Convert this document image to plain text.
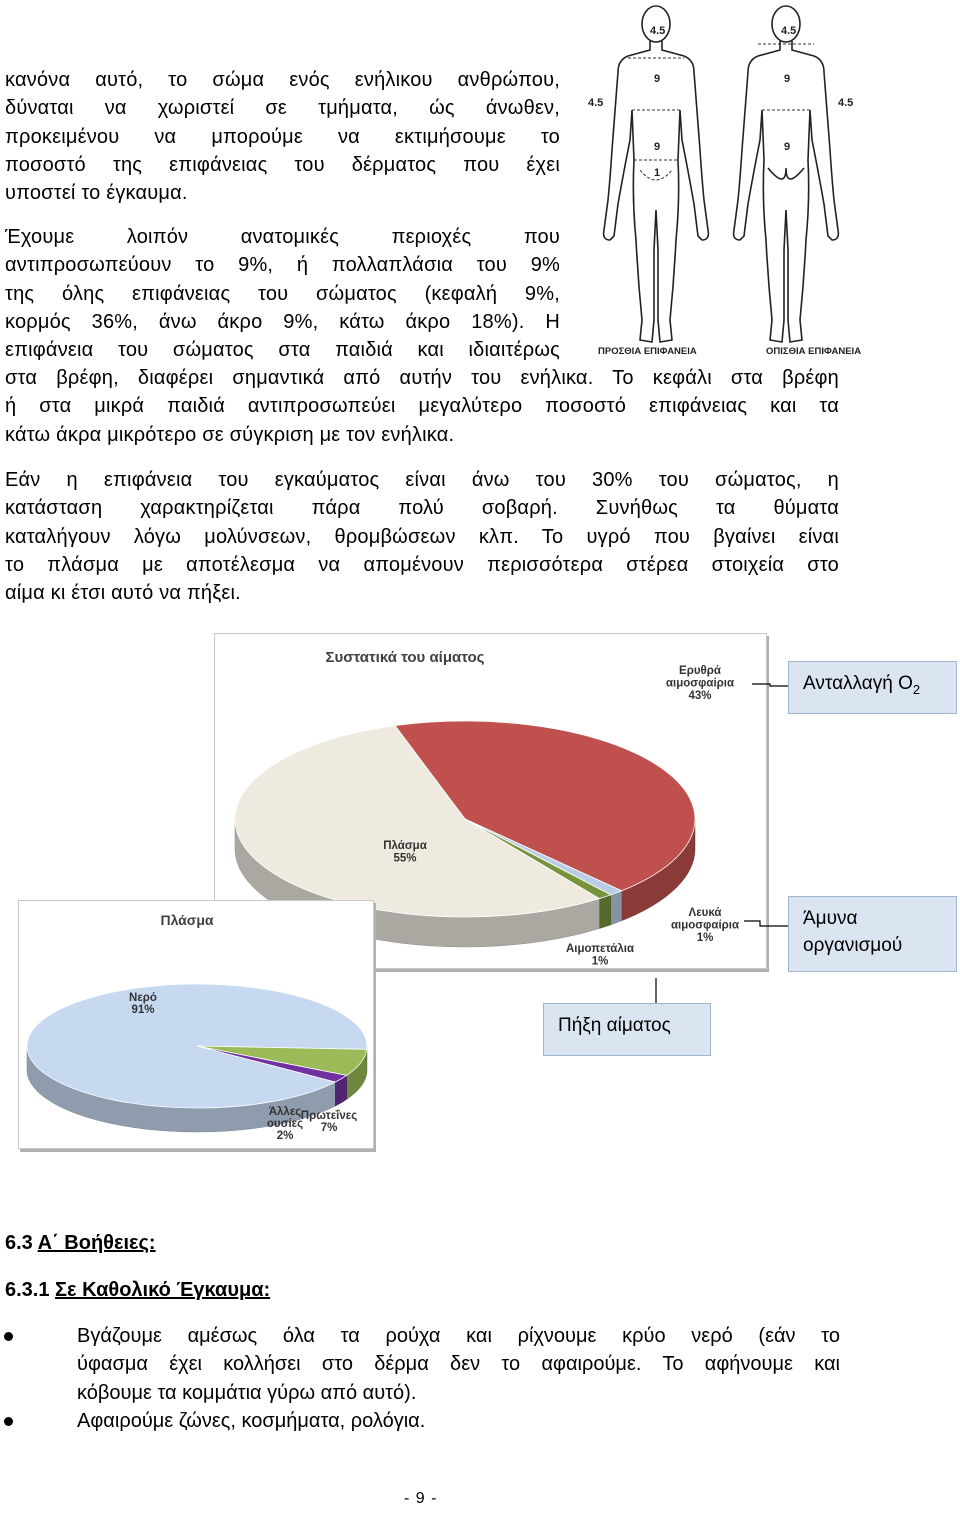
κανόνα αυτό, το σώμα ενός ενήλικου ανθρώπου,
δύναται να χωριστεί σε τμήματα, ώς άνωθεν,
προκειμένου να μπορούμε να εκτιμήσουμε το
ποσοστό της επιφάνειας του δέρματος που έχει
υποστεί το έγκαυμα.
Έχουμε λοιπόν ανατομικές περιοχές που
αντιπροσωπεύουν το 9%, ή πολλαπλάσια του 9%
της όλης επιφάνειας του σώματος (κεφαλή 9%,
κορμός 36%, άνω άκρο 9%, κάτω άκρο 18%). Η
επιφάνεια του σώματος στα παιδιά και ιδιαιτέρως
στα βρέφη, διαφέρει σημαντικά από αυτήν του ενήλικα. Το κεφάλι στα βρέφη
ή στα μικρά παιδιά αντιπροσωπεύει μεγαλύτερο ποσοστό επιφάνειας και τα
κάτω άκρα μικρότερο σε σύγκριση με τον ενήλικα.
Εάν η επιφάνεια του εγκαύματος είναι άνω του 30% του σώματος, η
κατάσταση χαρακτηρίζεται πάρα πολύ σοβαρή. Συνήθως τα θύματα
καταλήγουν λόγω μολύνσεων, θρομβώσεων κλπ. Το υγρό που βγαίνει είναι
το πλάσμα με αποτέλεσμα να απομένουν περισσότερα στέρεα στοιχεία στο
αίμα κι έτσι αυτό να πήξει.
4.5	4.5
4.5	4.5
9
9
9
9
1
ΠΡΟΣΘΙΑ ΕΠΙΦΑΝΕΙΑ	ΟΠΙΣΘΙΑ ΕΠΙΦΑΝΕΙΑ
Συστατικά του αίματος
Ερυθρά αιμοσφαίρια 43%
Λευκά αιμοσφαίρια 1%
Αιμοπετάλια 1%
Πλάσμα 55%
Πλάσμα
Νερό 91%
Πρωτεΐνες 7%
Άλλες ουσίες 2%
Ανταλλαγή $O_2$
Άμυνα
οργανισμού
Πήξη αίματος
6.3 Α΄ Βοήθειες:
6.3.1 Σε Καθολικό Έγκαυμα:
Βγάζουμε αμέσως όλα τα ρούχα και ρίχνουμε κρύο νερό (εάν το
ύφασμα έχει κολλήσει στο δέρμα δεν το αφαιρούμε. Το αφήνουμε και
κόβουμε τα κομμάτια γύρω από αυτό).
Αφαιρούμε ζώνες, κοσμήματα, ρολόγια.
- 9 -
